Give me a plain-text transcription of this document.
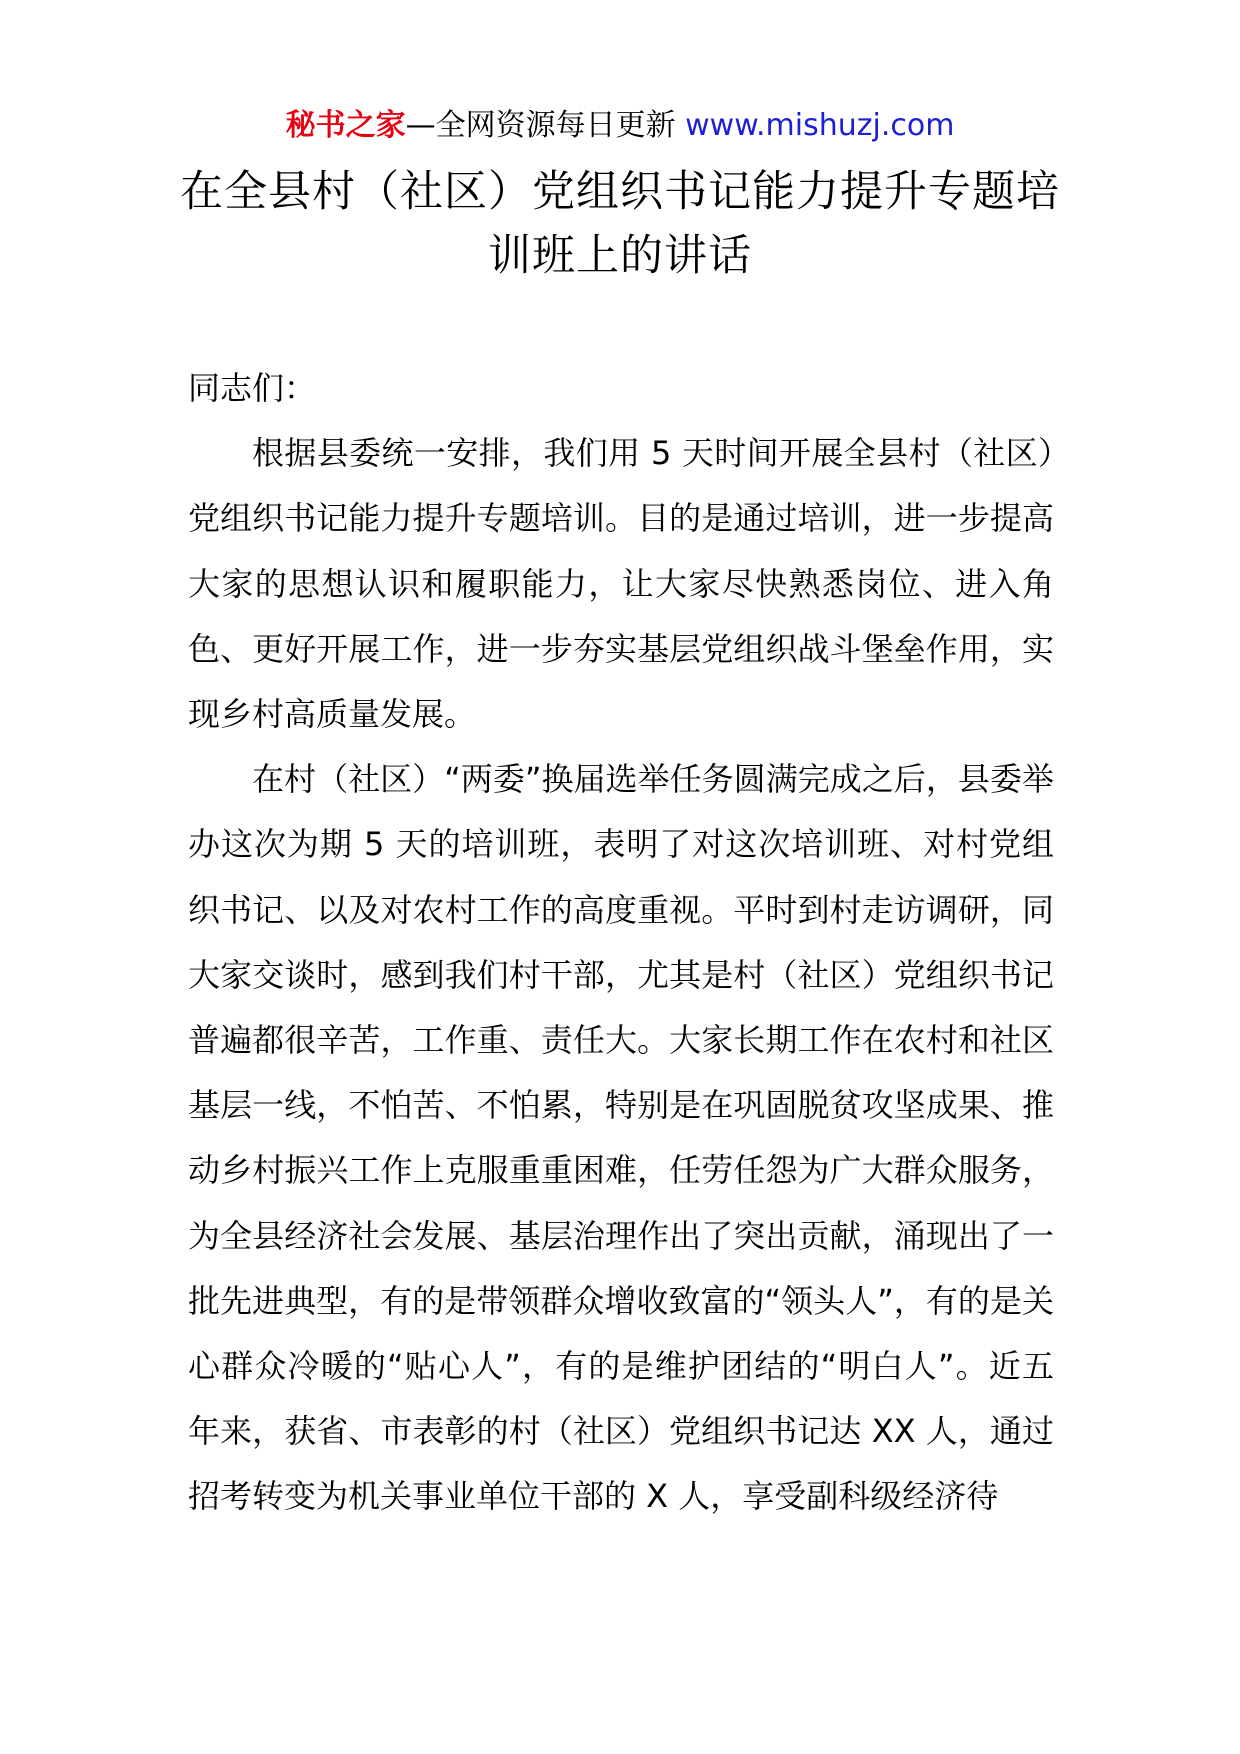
秘书之家—全网资源每日更新 www.mishuzj.com
在全县村（社区）党组织书记能力提升专题培训班上的讲话

同志们：

根据县委统一安排，我们用 5 天时间开展全县村（社区）党组织书记能力提升专题培训。目的是通过培训，进一步提高大家的思想认识和履职能力，让大家尽快熟悉岗位、进入角色、更好开展工作，进一步夯实基层党组织战斗堡垒作用，实现乡村高质量发展。

在村（社区）“两委”换届选举任务圆满完成之后，县委举办这次为期 5 天的培训班，表明了对这次培训班、对村党组织书记、以及对农村工作的高度重视。平时到村走访调研，同大家交谈时，感到我们村干部，尤其是村（社区）党组织书记普遍都很辛苦，工作重、责任大。大家长期工作在农村和社区基层一线，不怕苦、不怕累，特别是在巩固脱贫攻坚成果、推动乡村振兴工作上克服重重困难，任劳任怨为广大群众服务，为全县经济社会发展、基层治理作出了突出贡献，涌现出了一批先进典型，有的是带领群众增收致富的“领头人”，有的是关心群众冷暖的“贴心人”，有的是维护团结的“明白人”。近五年来，获省、市表彰的村（社区）党组织书记达 XX 人，通过招考转变为机关事业单位干部的 X 人，享受副科级经济待
